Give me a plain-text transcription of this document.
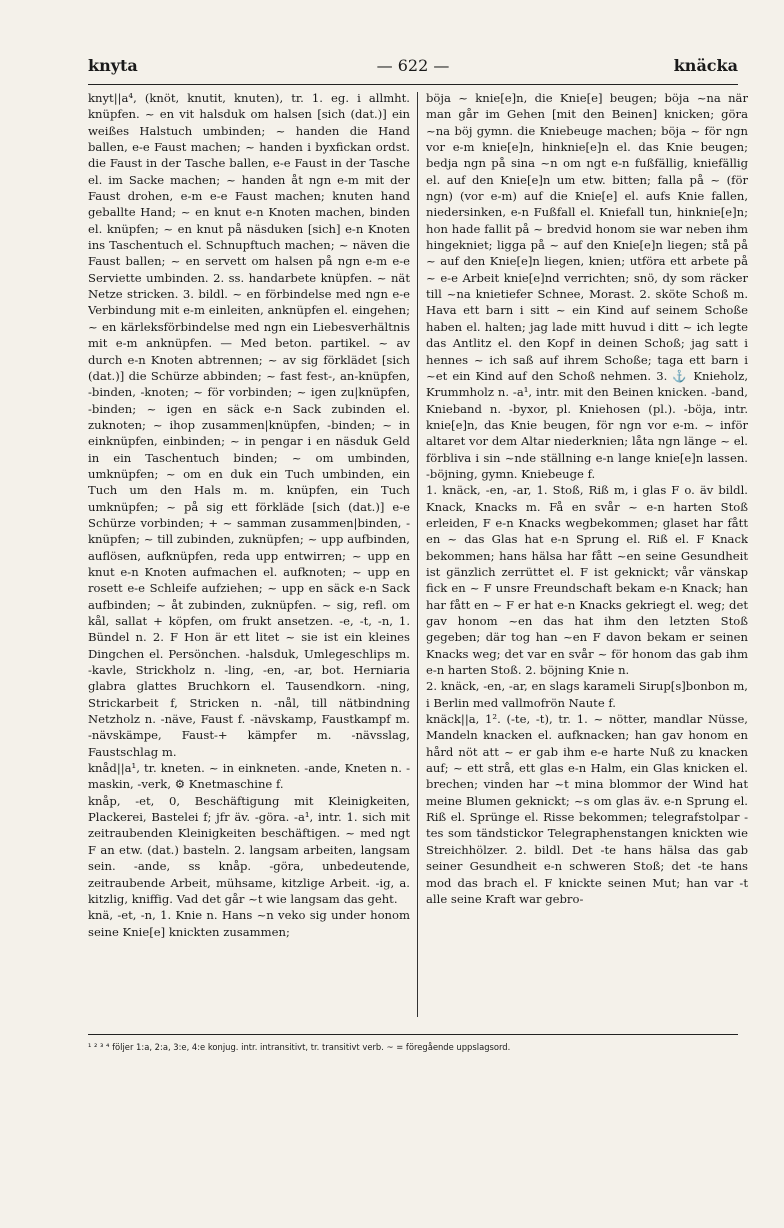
knyta	— 622 —	knäcka

knyt||a⁴, (knöt, knutit, knuten), tr. 1. eg. i allmht. knüpfen. ~ en vit halsduk om halsen [sich (dat.)] ein weißes Halstuch umbinden; ~ handen die Hand ballen, e-e Faust machen; ~ handen i byxfickan ordst. die Faust in der Tasche ballen, e-e Faust in der Tasche el. im Sacke machen; ~ handen åt ngn e-m mit der Faust drohen, e-m e-e Faust machen; knuten hand geballte Hand; ~ en knut e-n Knoten machen, binden el. knüpfen; ~ en knut på näsduken [sich] e-n Knoten ins Taschentuch el. Schnupftuch machen; ~ näven die Faust ballen; ~ en servett om halsen på ngn e-m e-e Serviette umbinden. 2. ss. handarbete knüpfen. ~ nät Netze stricken. 3. bildl. ~ en förbindelse med ngn e-e Verbindung mit e-m einleiten, anknüpfen el. eingehen; ~ en kärleksförbindelse med ngn ein Liebesverhältnis mit e-m anknüpfen. — Med beton. partikel. ~ av durch e-n Knoten abtrennen; ~ av sig förklädet [sich (dat.)] die Schürze abbinden; ~ fast fest-, an-knüpfen, -binden, -knoten; ~ för vorbinden; ~ igen zu|knüpfen, -binden; ~ igen en säck e-n Sack zubinden el. zuknoten; ~ ihop zusammen|knüpfen, -binden; ~ in einknüpfen, einbinden; ~ in pengar i en näsduk Geld in ein Taschentuch binden; ~ om umbinden, umknüpfen; ~ om en duk ein Tuch umbinden, ein Tuch um den Hals m. m. knüpfen, ein Tuch umknüpfen; ~ på sig ett förkläde [sich (dat.)] e-e Schürze vorbinden; + ~ samman zusammen|binden, -knüpfen; ~ till zubinden, zuknüpfen; ~ upp aufbinden, auflösen, aufknüpfen, reda upp entwirren; ~ upp en knut e-n Knoten aufmachen el. aufknoten; ~ upp en rosett e-e Schleife aufziehen; ~ upp en säck e-n Sack aufbinden; ~ åt zubinden, zuknüpfen. ~ sig, refl. om kål, sallat + köpfen, om frukt ansetzen. -e, -t, -n, 1. Bündel n. 2. F Hon är ett litet ~ sie ist ein kleines Dingchen el. Persönchen. -halsduk, Umlegeschlips m. -kavle, Strickholz n. -ling, -en, -ar, bot. Herniaria glabra glattes Bruchkorn el. Tausendkorn. -ning, Strickarbeit f, Stricken n. -nål, till nätbindning Netzholz n. -näve, Faust f. -nävskamp, Faustkampf m. -nävskämpe, Faust-+ kämpfer m. -nävsslag, Faustschlag m.

knåd||a¹, tr. kneten. ~ in einkneten. -ande, Kneten n. -maskin, -verk, ⚙ Knetmaschine f.

knåp, -et, 0, Beschäftigung mit Kleinigkeiten, Plackerei, Bastelei f; jfr äv. -göra. -a¹, intr. 1. sich mit zeitraubenden Kleinigkeiten beschäftigen. ~ med ngt F an etw. (dat.) basteln. 2. langsam arbeiten, langsam sein. -ande, ss knåp. -göra, unbedeutende, zeitraubende Arbeit, mühsame, kitzlige Arbeit. -ig, a. kitzlig, kniffig. Vad det går ~t wie langsam das geht.

knä, -et, -n, 1. Knie n. Hans ~n veko sig under honom seine Knie[e] knickten zusammen;

böja ~ knie[e]n, die Knie[e] beugen; böja ~na när man går im Gehen [mit den Beinen] knicken; göra ~na böj gymn. die Kniebeuge machen; böja ~ för ngn vor e-m knie[e]n, hinknie[e]n el. das Knie beugen; bedja ngn på sina ~n om ngt e-n fußfällig, kniefällig el. auf den Knie[e]n um etw. bitten; falla på ~ (för ngn) (vor e-m) auf die Knie[e] el. aufs Knie fallen, niedersinken, e-n Fußfall el. Kniefall tun, hinknie[e]n; hon hade fallit på ~ bredvid honom sie war neben ihm hingekniet; ligga på ~ auf den Knie[e]n liegen; stå på ~ auf den Knie[e]n liegen, knien; utföra ett arbete på ~ e-e Arbeit knie[e]nd verrichten; snö, dy som räcker till ~na knietiefer Schnee, Morast. 2. sköte Schoß m. Hava ett barn i sitt ~ ein Kind auf seinem Schoße haben el. halten; jag lade mitt huvud i ditt ~ ich legte das Antlitz el. den Kopf in deinen Schoß; jag satt i hennes ~ ich saß auf ihrem Schoße; taga ett barn i ~et ein Kind auf den Schoß nehmen. 3. ⚓ Knieholz, Krummholz n. -a¹, intr. mit den Beinen knicken. -band, Knieband n. -byxor, pl. Kniehosen (pl.). -böja, intr. knie[e]n, das Knie beugen, för ngn vor e-m. ~ inför altaret vor dem Altar niederknien; låta ngn länge ~ el. förbliva i sin ~nde ställning e-n lange knie[e]n lassen. -böjning, gymn. Kniebeuge f.

1. knäck, -en, -ar, 1. Stoß, Riß m, i glas F o. äv bildl. Knack, Knacks m. Få en svår ~ e-n harten Stoß erleiden, F e-n Knacks wegbekommen; glaset har fått en ~ das Glas hat e-n Sprung el. Riß el. F Knack bekommen; hans hälsa har fått ~en seine Gesundheit ist gänzlich zerrüttet el. F ist geknickt; vår vänskap fick en ~ F unsre Freundschaft bekam e-n Knack; han har fått en ~ F er hat e-n Knacks gekriegt el. weg; det gav honom ~en das hat ihm den letzten Stoß gegeben; där tog han ~en F davon bekam er seinen Knacks weg; det var en svår ~ för honom das gab ihm e-n harten Stoß. 2. böjning Knie n.

2. knäck, -en, -ar, en slags karameli Sirup[s]bonbon m, i Berlin med vallmofrön Naute f.

knäck||a, 1². (-te, -t), tr. 1. ~ nötter, mandlar Nüsse, Mandeln knacken el. aufknacken; han gav honom en hård nöt att ~ er gab ihm e-e harte Nuß zu knacken auf; ~ ett strå, ett glas e-n Halm, ein Glas knicken el. brechen; vinden har ~t mina blommor der Wind hat meine Blumen geknickt; ~s om glas äv. e-n Sprung el. Riß el. Sprünge el. Risse bekommen; telegrafstolpar -tes som tändstickor Telegraphenstangen knickten wie Streichhölzer. 2. bildl. Det -te hans hälsa das gab seiner Gesundheit e-n schweren Stoß; det -te hans mod das brach el. F knickte seinen Mut; han var -t alle seine Kraft war gebro-

¹ ² ³ ⁴ följer 1:a, 2:a, 3:e, 4:e konjug. intr. intransitivt, tr. transitivt verb. ~ = föregående uppslagsord.
